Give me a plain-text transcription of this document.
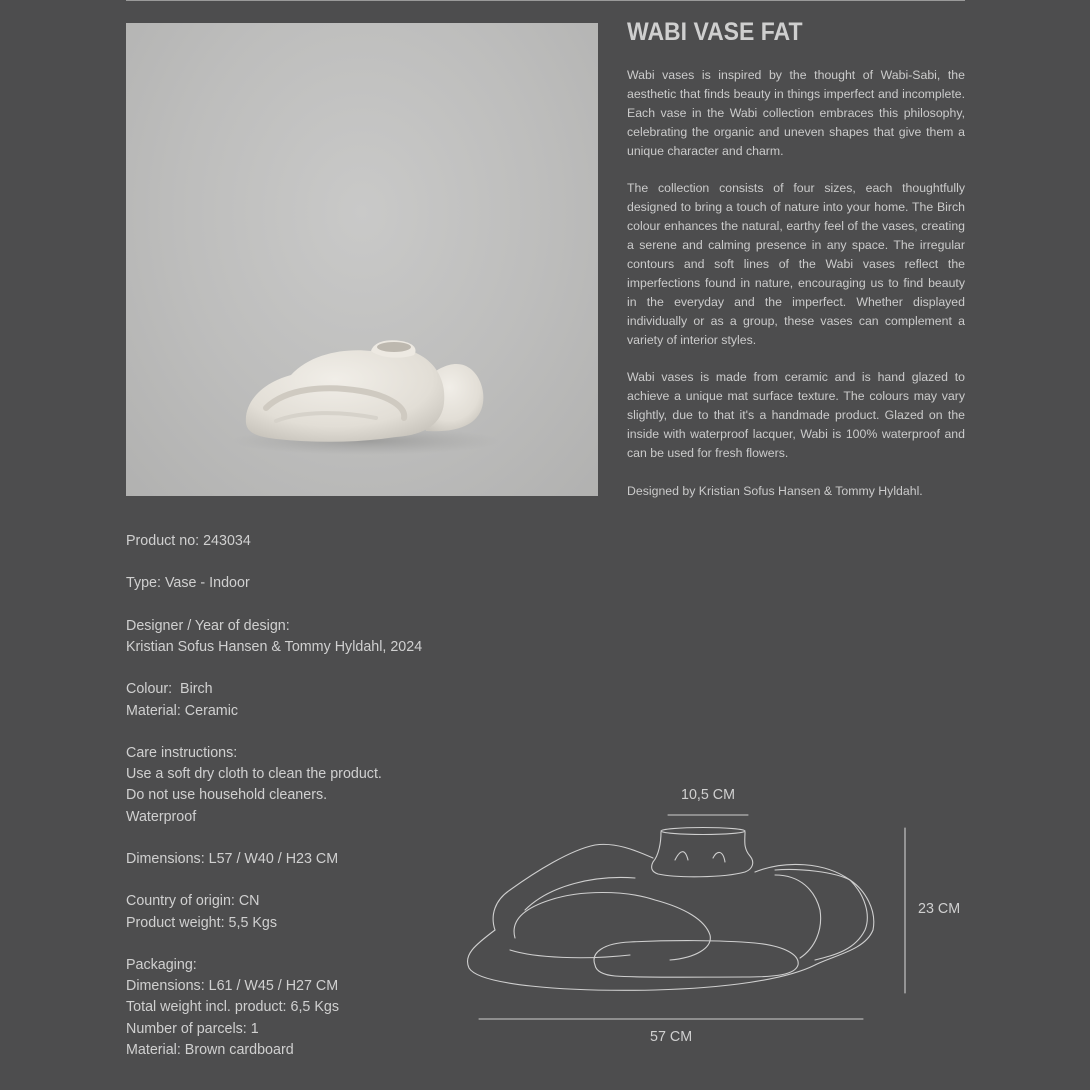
WABI VASE FAT

Wabi vases is inspired by the thought of Wabi-Sabi, the aesthetic that finds beauty in things imperfect and incomplete. Each vase in the Wabi collection embraces this philosophy, celebrating the organic and uneven shapes that give them a unique character and charm.

The collection consists of four sizes, each thoughtfully designed to bring a touch of nature into your home. The Birch colour enhances the natural, earthy feel of the vases, creating a serene and calming presence in any space. The irregular contours and soft lines of the Wabi vases reflect the imperfections found in nature, encouraging us to find beauty in the everyday and the imperfect. Whether displayed individually or as a group, these vases can complement a variety of interior styles.

Wabi vases is made from ceramic and is hand glazed to achieve a unique mat surface texture. The colours may vary slightly, due to that it's a handmade product. Glazed on the inside with waterproof lacquer, Wabi is 100% waterproof and can be used for fresh flowers.

Designed by Kristian Sofus Hansen & Tommy Hyldahl.

Product no: 243034
Type: Vase - Indoor
Designer / Year of design:
Kristian Sofus Hansen & Tommy Hyldahl, 2024
Colour:  Birch
Material: Ceramic
Care instructions:
Use a soft dry cloth to clean the product.
Do not use household cleaners.
Waterproof
Dimensions: L57 / W40 / H23 CM
Country of origin: CN
Product weight: 5,5 Kgs
Packaging:
Dimensions: L61 / W45 / H27 CM
Total weight incl. product: 6,5 Kgs
Number of parcels: 1
Material: Brown cardboard
10,5 CM
23 CM
57 CM
